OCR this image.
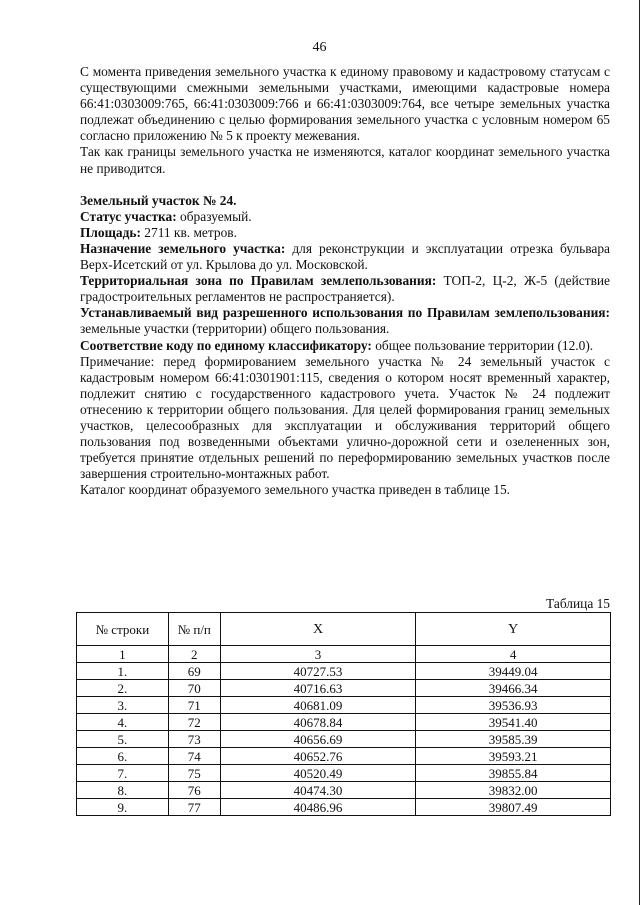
46

С момента приведения земельного участка к единому правовому и кадастровому статусам с существующими смежными земельными участками, имеющими кадастровые номера 66:41:0303009:765, 66:41:0303009:766 и 66:41:0303009:764, все четыре земельных участка подлежат объединению с целью формирования земельного участка с условным номером 65 согласно приложению № 5 к проекту межевания.

Так как границы земельного участка не изменяются, каталог координат земельного участка не приводится.

Земельный участок № 24.

Статус участка: образуемый.

Площадь: 2711 кв. метров.

Назначение земельного участка: для реконструкции и эксплуатации отрезка бульвара Верх-Исетский от ул. Крылова до ул. Московской.

Территориальная зона по Правилам землепользования: ТОП-2, Ц-2, Ж-5 (действие градостроительных регламентов не распространяется).

Устанавливаемый вид разрешенного использования по Правилам землепользования: земельные участки (территории) общего пользования.

Соответствие коду по единому классификатору: общее пользование территории (12.0).

Примечание: перед формированием земельного участка № 24 земельный участок с кадастровым номером 66:41:0301901:115, сведения о котором носят временный характер, подлежит снятию с государственного кадастрового учета. Участок № 24 подлежит отнесению к территории общего пользования. Для целей формирования границ земельных участков, целесообразных для эксплуатации и обслуживания территорий общего пользования под возведенными объектами улично-дорожной сети и озелененных зон, требуется принятие отдельных решений по переформированию земельных участков после завершения строительно-монтажных работ.

Каталог координат образуемого земельного участка приведен в таблице 15.

Таблица 15
№ строки	№ п/п	X	Y
1	2	3	4
1.	69	40727.53	39449.04
2.	70	40716.63	39466.34
3.	71	40681.09	39536.93
4.	72	40678.84	39541.40
5.	73	40656.69	39585.39
6.	74	40652.76	39593.21
7.	75	40520.49	39855.84
8.	76	40474.30	39832.00
9.	77	40486.96	39807.49
